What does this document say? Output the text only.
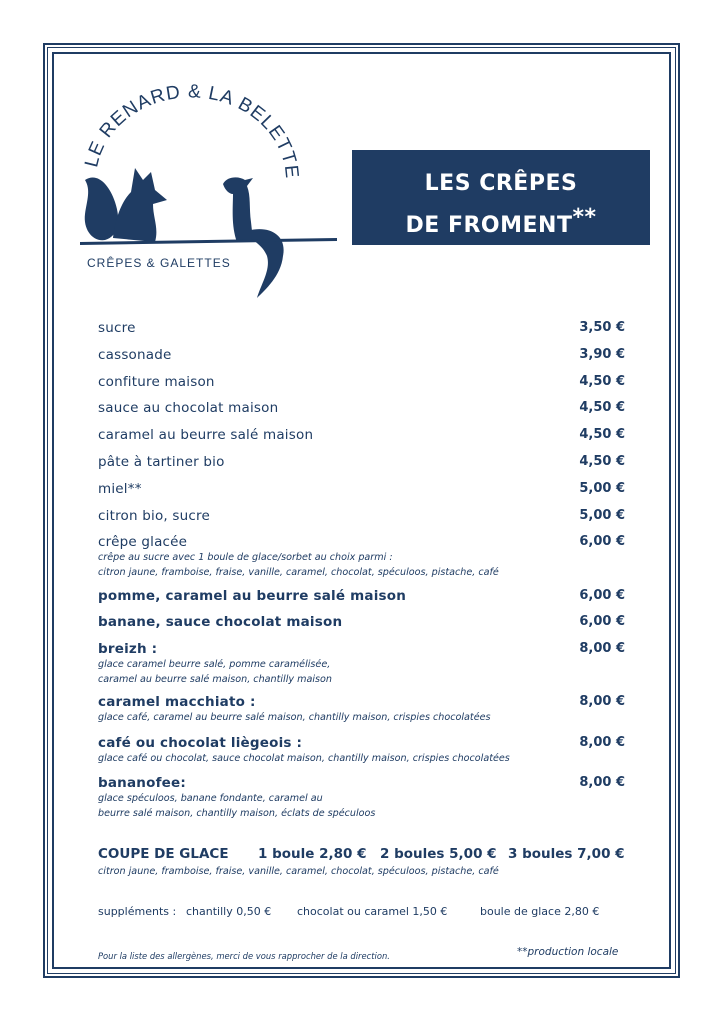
LE RENARD & LA BELETTE
CRÊPES & GALETTES
LES CRÊPES
DE FROMENT**
sucre	3,50 €
cassonade	3,90 €
confiture maison	4,50 €
sauce au chocolat maison	4,50 €
caramel au beurre salé maison	4,50 €
pâte à tartiner bio	4,50 €
miel**	5,00 €
citron bio, sucre	5,00 €
crêpe glacée	6,00 €
crêpe au sucre avec 1 boule de glace/sorbet au choix parmi :
citron jaune, framboise, fraise, vanille, caramel, chocolat, spéculoos, pistache, café
pomme, caramel au beurre salé maison	6,00 €
banane, sauce chocolat maison	6,00 €
breizh :	8,00 €
glace caramel beurre salé, pomme caramélisée,
caramel au beurre salé maison, chantilly maison
caramel macchiato :	8,00 €
glace café, caramel au beurre salé maison, chantilly maison, crispies chocolatées
café ou chocolat liègeois :	8,00 €
glace café ou chocolat, sauce chocolat maison, chantilly maison, crispies chocolatées
bananofee:	8,00 €
glace spéculoos, banane fondante, caramel au
beurre salé maison, chantilly maison, éclats de spéculoos
COUPE DE GLACE 1 boule 2,80 € 2 boules 5,00 € 3 boules 7,00 €
citron jaune, framboise, fraise, vanille, caramel, chocolat, spéculoos, pistache, café
suppléments : chantilly 0,50 € chocolat ou caramel 1,50 €	boule de glace 2,80 €
Pour la liste des allergènes, merci de vous rapprocher de la direction.	**production locale
